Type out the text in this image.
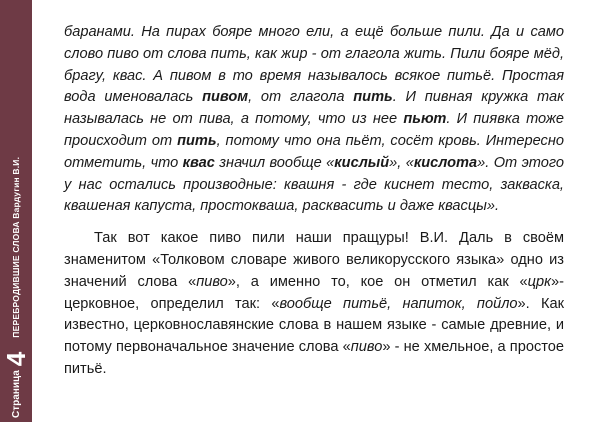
Страница
4
ПЕРЕБРОДИВШИЕ СЛОВА Вардугин В.И.

баранами. На пирах бояре много ели, а ещё больше пили. Да и само слово пиво от слова пить, как жир - от глагола жить. Пили бояре мёд, брагу, квас. А пивом в то время называлось всякое питьё. Простая вода именовалась пивом, от глагола пить. И пивная кружка так называлась не от пива, а потому, что из нее пьют. И пиявка тоже происходит от пить, потому что она пьёт, сосёт кровь. Интересно отметить, что квас значил вообще «кислый», «кислота». От этого у нас остались производные: квашня - где киснет тесто, закваска, квашеная капуста, простокваша, расквасить и даже квасцы».

Так вот какое пиво пили наши пращуры! В.И. Даль в своём знаменитом «Толковом словаре живого великорусского языка» одно из значений слова «пиво», а именно то, кое он отметил как «црк»-церковное, определил так: «вообще питьё, напиток, пойло». Как известно, церковнославянские слова в нашем языке - самые древние, и потому первоначальное значение слова «пиво» - не хмельное, а простое питьё.
